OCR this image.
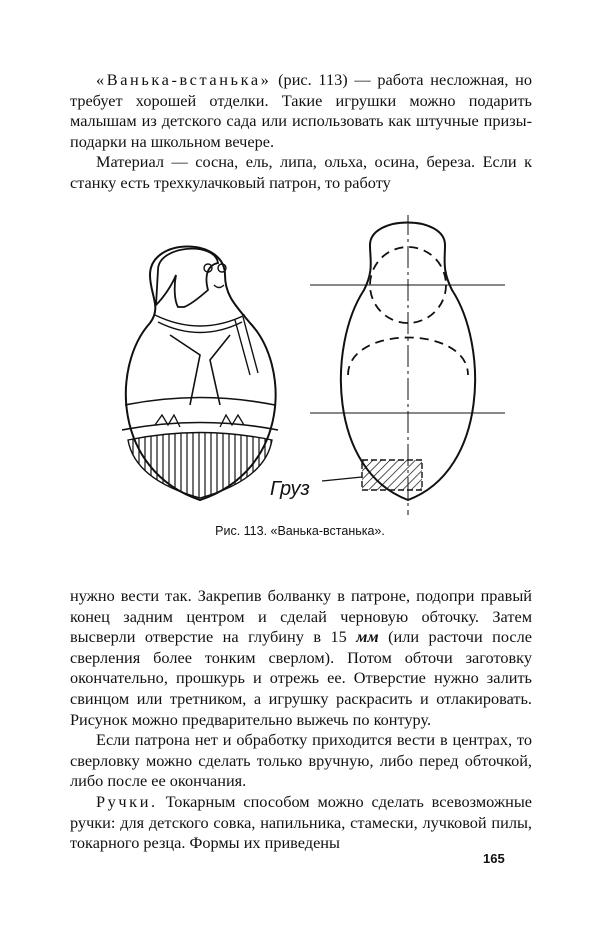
«Ванька-встанька» (рис. 113) — работа несложная, но требует хорошей отделки. Такие игрушки можно подарить малышам из детского сада или использовать как штучные призы-подарки на школьном вечере.

Материал — сосна, ель, липа, ольха, осина, береза. Если к станку есть трехкулачковый патрон, то работу

Груз
Рис. 113. «Ванька-встанька».

нужно вести так. Закрепив болванку в патроне, подопри правый конец задним центром и сделай черновую обточку. Затем высверли отверстие на глубину в 15 мм (или расточи после сверления более тонким сверлом). Потом обточи заготовку окончательно, прошкурь и отрежь ее. Отверстие нужно залить свинцом или третником, а игрушку раскрасить и отлакировать. Рисунок можно предварительно выжечь по контуру.

Если патрона нет и обработку приходится вести в центрах, то сверловку можно сделать только вручную, либо перед обточкой, либо после ее окончания.

Ручки. Токарным способом можно сделать всевозможные ручки: для детского совка, напильника, стамески, лучковой пилы, токарного резца. Формы их приведены

165
